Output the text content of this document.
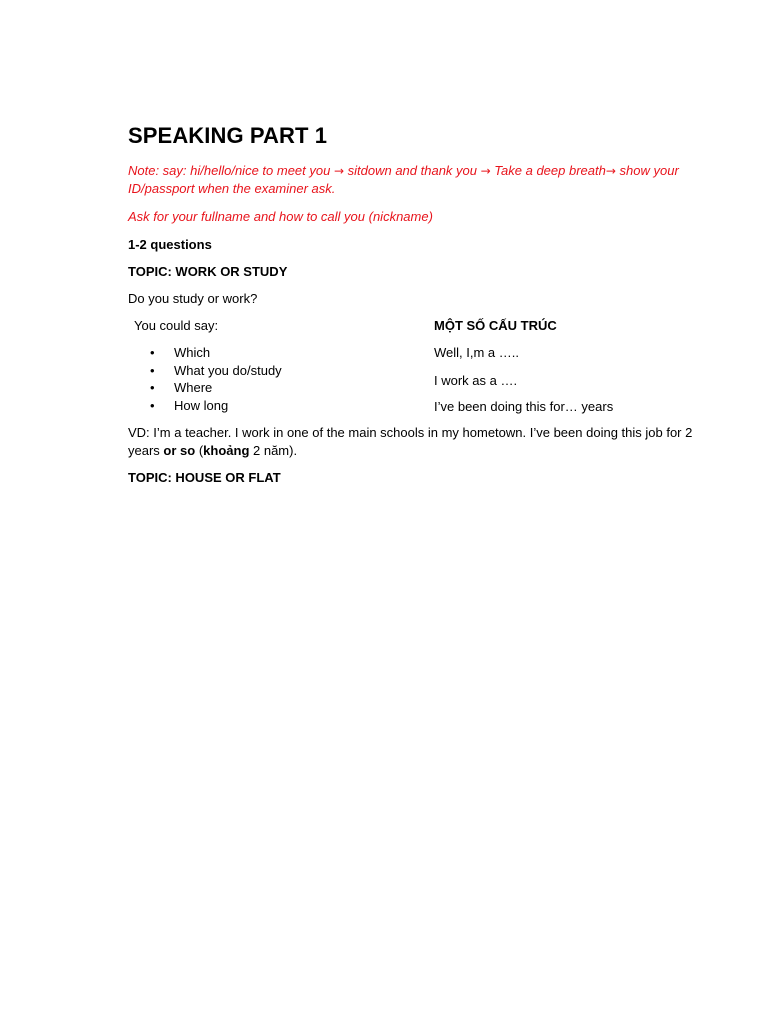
SPEAKING PART 1

Note: say: hi/hello/nice to meet you → sitdown and thank you → Take a deep breath→ show your ID/passport when the examiner ask.

Ask for your fullname and how to call you (nickname)

1-2 questions

TOPIC: WORK OR STUDY

Do you study or work?

You could say:

• Which
• What you do/study
• Where
• How long

MỘT SỐ CẤU TRÚC

Well, I,m a …..

I work as a ….

I’ve been doing this for… years

VD: I’m a teacher. I work in one of the main schools in my hometown. I’ve been doing this job for 2 years or so (khoảng 2 năm).

TOPIC: HOUSE OR FLAT
